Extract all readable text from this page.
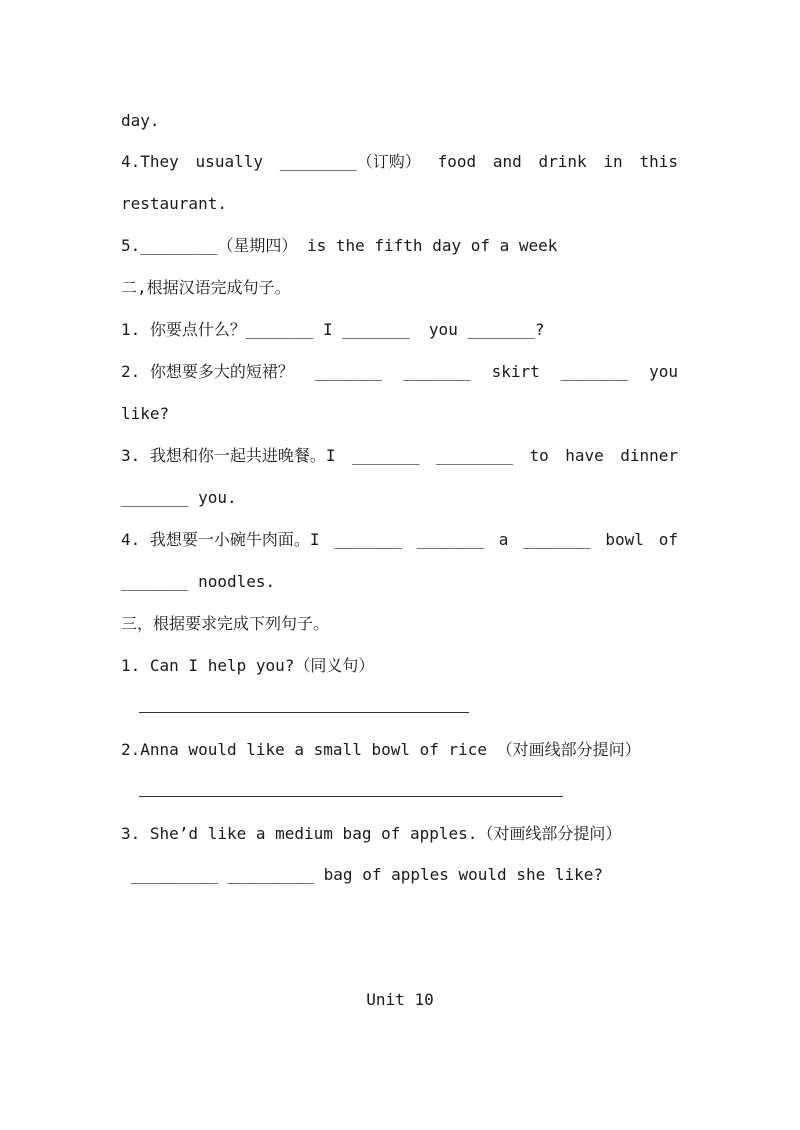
day.
4.They usually ________（订购） food and drink in this
restaurant.
5.________（星期四） is the fifth day of a week
二,根据汉语完成句子。
1. 你要点什么？_______ I _______  you _______?
2. 你想要多大的短裙？ _______ _______ skirt _______ you
like?
3. 我想和你一起共进晚餐。I _______ ________ to have dinner
_______ you.
4. 我想要一小碗牛肉面。I _______ _______ a _______ bowl of
_______ noodles.
三，根据要求完成下列句子。
1. Can I help you?（同义句）
2.Anna would like a small bowl of rice （对画线部分提问）
3. She’d like a medium bag of apples.（对画线部分提问）
_________ _________ bag of apples would she like?
Unit 10
